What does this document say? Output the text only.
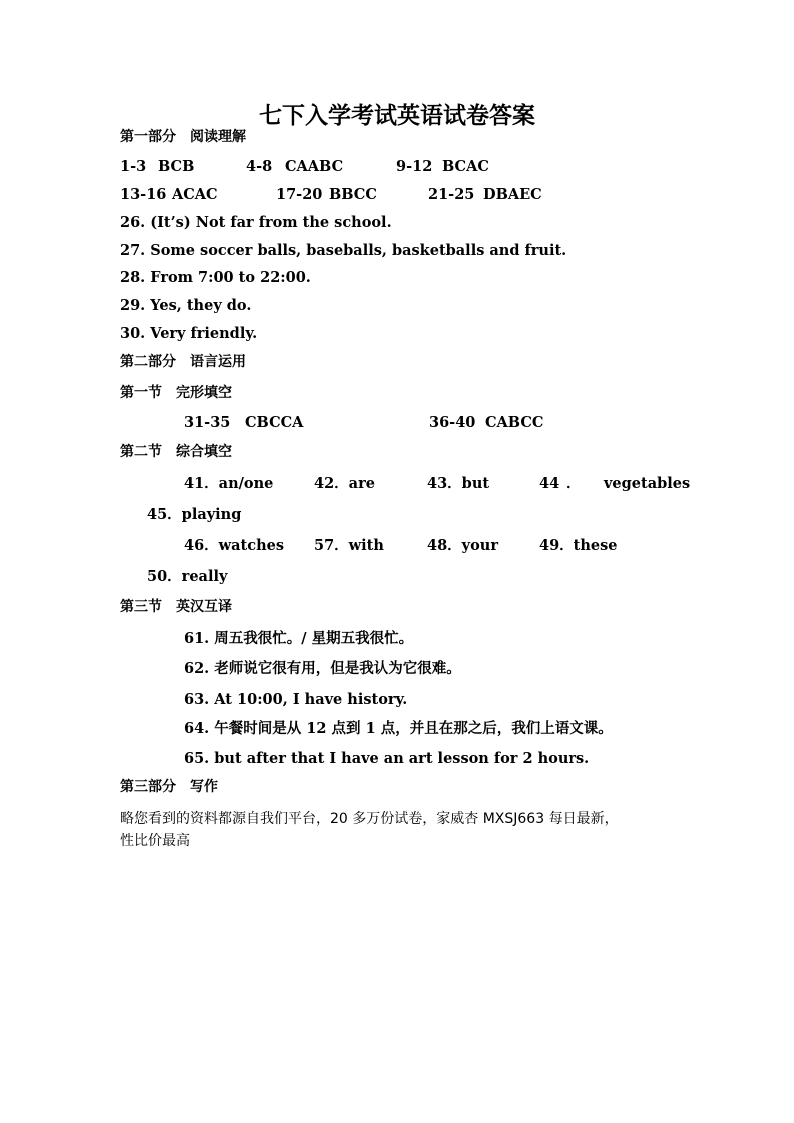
七下入学考试英语试卷答案
第一部分 阅读理解
1-3 BCB	4-8 CAABC	9-12 BCAC
13-16 ACAC	17-20 BBCC	21-25 DBAEC
26. (It’s) Not far from the school.
27. Some soccer balls, baseballs, basketballs and fruit.
28. From 7:00 to 22:00.
29. Yes, they do.
30. Very friendly.
第二部分 语言运用
第一节 完形填空
31-35 CBCCA	36-40 CABCC
第二节 综合填空
41．an/one	42．are	43．but	44 ． vegetables
45．playing
46．watches 57．with	48．your	49．these
50．really
第三节 英汉互译
61. 周五我很忙。/ 星期五我很忙。
62. 老师说它很有用，但是我认为它很难。
63. At 10:00, I have history.
64. 午餐时间是从 12 点到 1 点，并且在那之后，我们上语文课。
65. but after that I have an art lesson for 2 hours.
第三部分 写作
略您看到的资料都源自我们平台，20 多万份试卷，家威杏 MXSJ663 每日最新，
性比价最高
